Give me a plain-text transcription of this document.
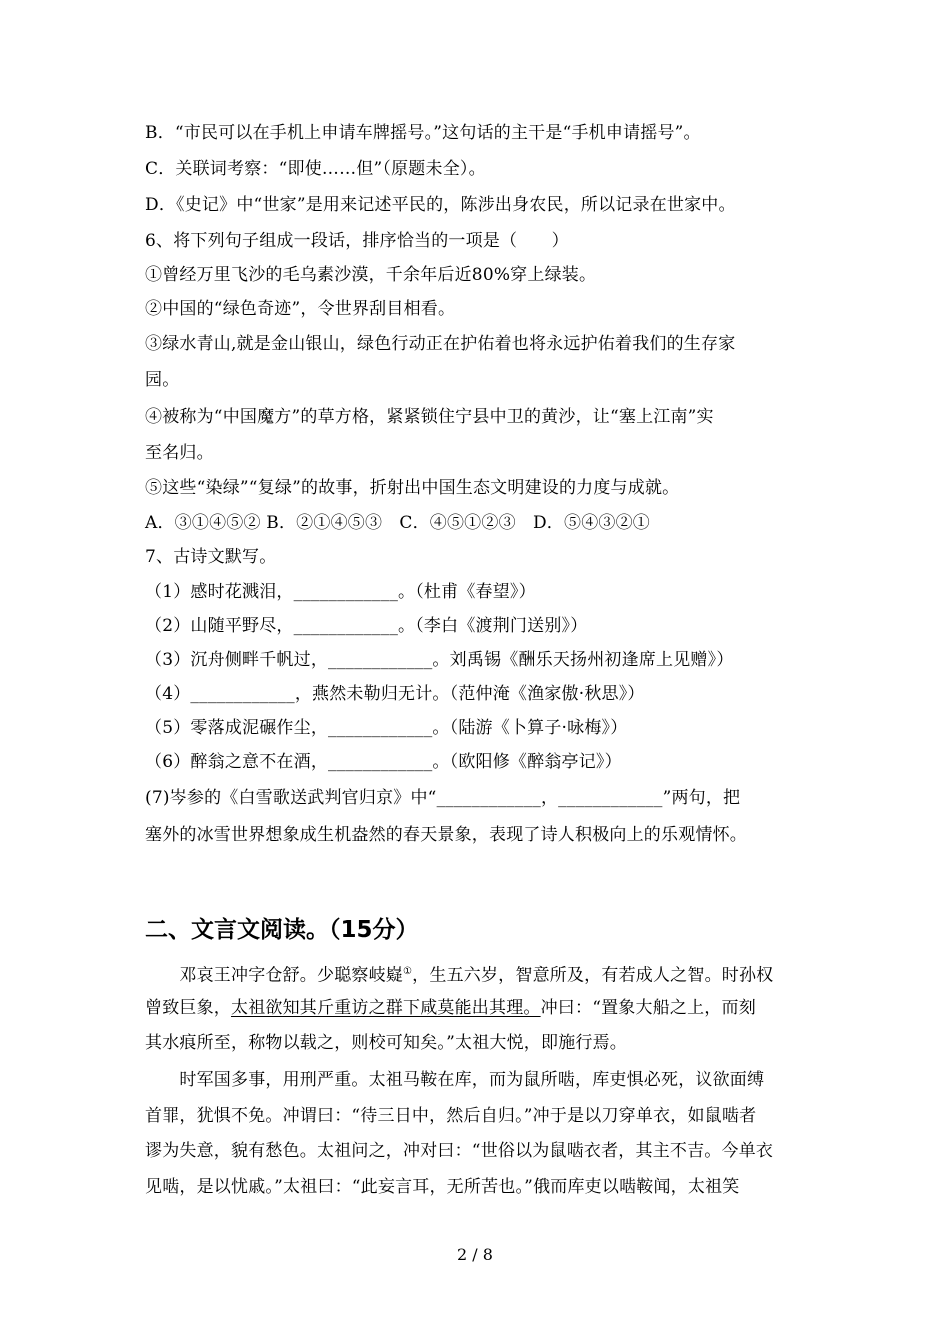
B．“市民可以在手机上申请车牌摇号。”这句话的主干是“手机申请摇号”。
C．关联词考察：“即使……但”（原题未全）。
D．《史记》中“世家”是用来记述平民的，陈涉出身农民，所以记录在世家中。
6、将下列句子组成一段话，排序恰当的一项是（　　）
①曾经万里飞沙的毛乌素沙漠，千余年后近80%穿上绿装。
②中国的“绿色奇迹”，令世界刮目相看。
③绿水青山,就是金山银山，绿色行动正在护佑着也将永远护佑着我们的生存家
园。
④被称为“中国魔方”的草方格，紧紧锁住宁县中卫的黄沙，让“塞上江南”实
至名归。
⑤这些“染绿”“复绿”的故事，折射出中国生态文明建设的力度与成就。
A．③①④⑤② B．②①④⑤③　C．④⑤①②③　D．⑤④③②①
7、古诗文默写。
（1）感时花溅泪，____________。（杜甫《春望》）
（2）山随平野尽，____________。（李白《渡荆门送别》）
（3）沉舟侧畔千帆过，____________。刘禹锡《酬乐天扬州初逢席上见赠》）
（4）____________，燕然未勒归无计。（范仲淹《渔家傲·秋思》）
（5）零落成泥碾作尘，____________。（陆游《卜算子·咏梅》）
（6）醉翁之意不在酒，____________。（欧阳修《醉翁亭记》）
(7)岑参的《白雪歌送武判官归京》中“____________，____________”两句，把
塞外的冰雪世界想象成生机盎然的春天景象，表现了诗人积极向上的乐观情怀。
二、文言文阅读。（15分）
　　邓哀王冲字仓舒。少聪察岐嶷①，生五六岁，智意所及，有若成人之智。时孙权
曾致巨象，太祖欲知其斤重访之群下咸莫能出其理。冲曰：“置象大船之上，而刻
其水痕所至，称物以载之，则校可知矣。”太祖大悦，即施行焉。
　　时军国多事，用刑严重。太祖马鞍在库，而为鼠所啮，库吏惧必死，议欲面缚
首罪，犹惧不免。冲谓曰：“待三日中，然后自归。”冲于是以刀穿单衣，如鼠啮者
谬为失意，貌有愁色。太祖问之，冲对曰：“世俗以为鼠啮衣者，其主不吉。今单衣
见啮，是以忧戚。”太祖曰：“此妄言耳，无所苦也。”俄而库吏以啮鞍闻，太祖笑
2 / 8
